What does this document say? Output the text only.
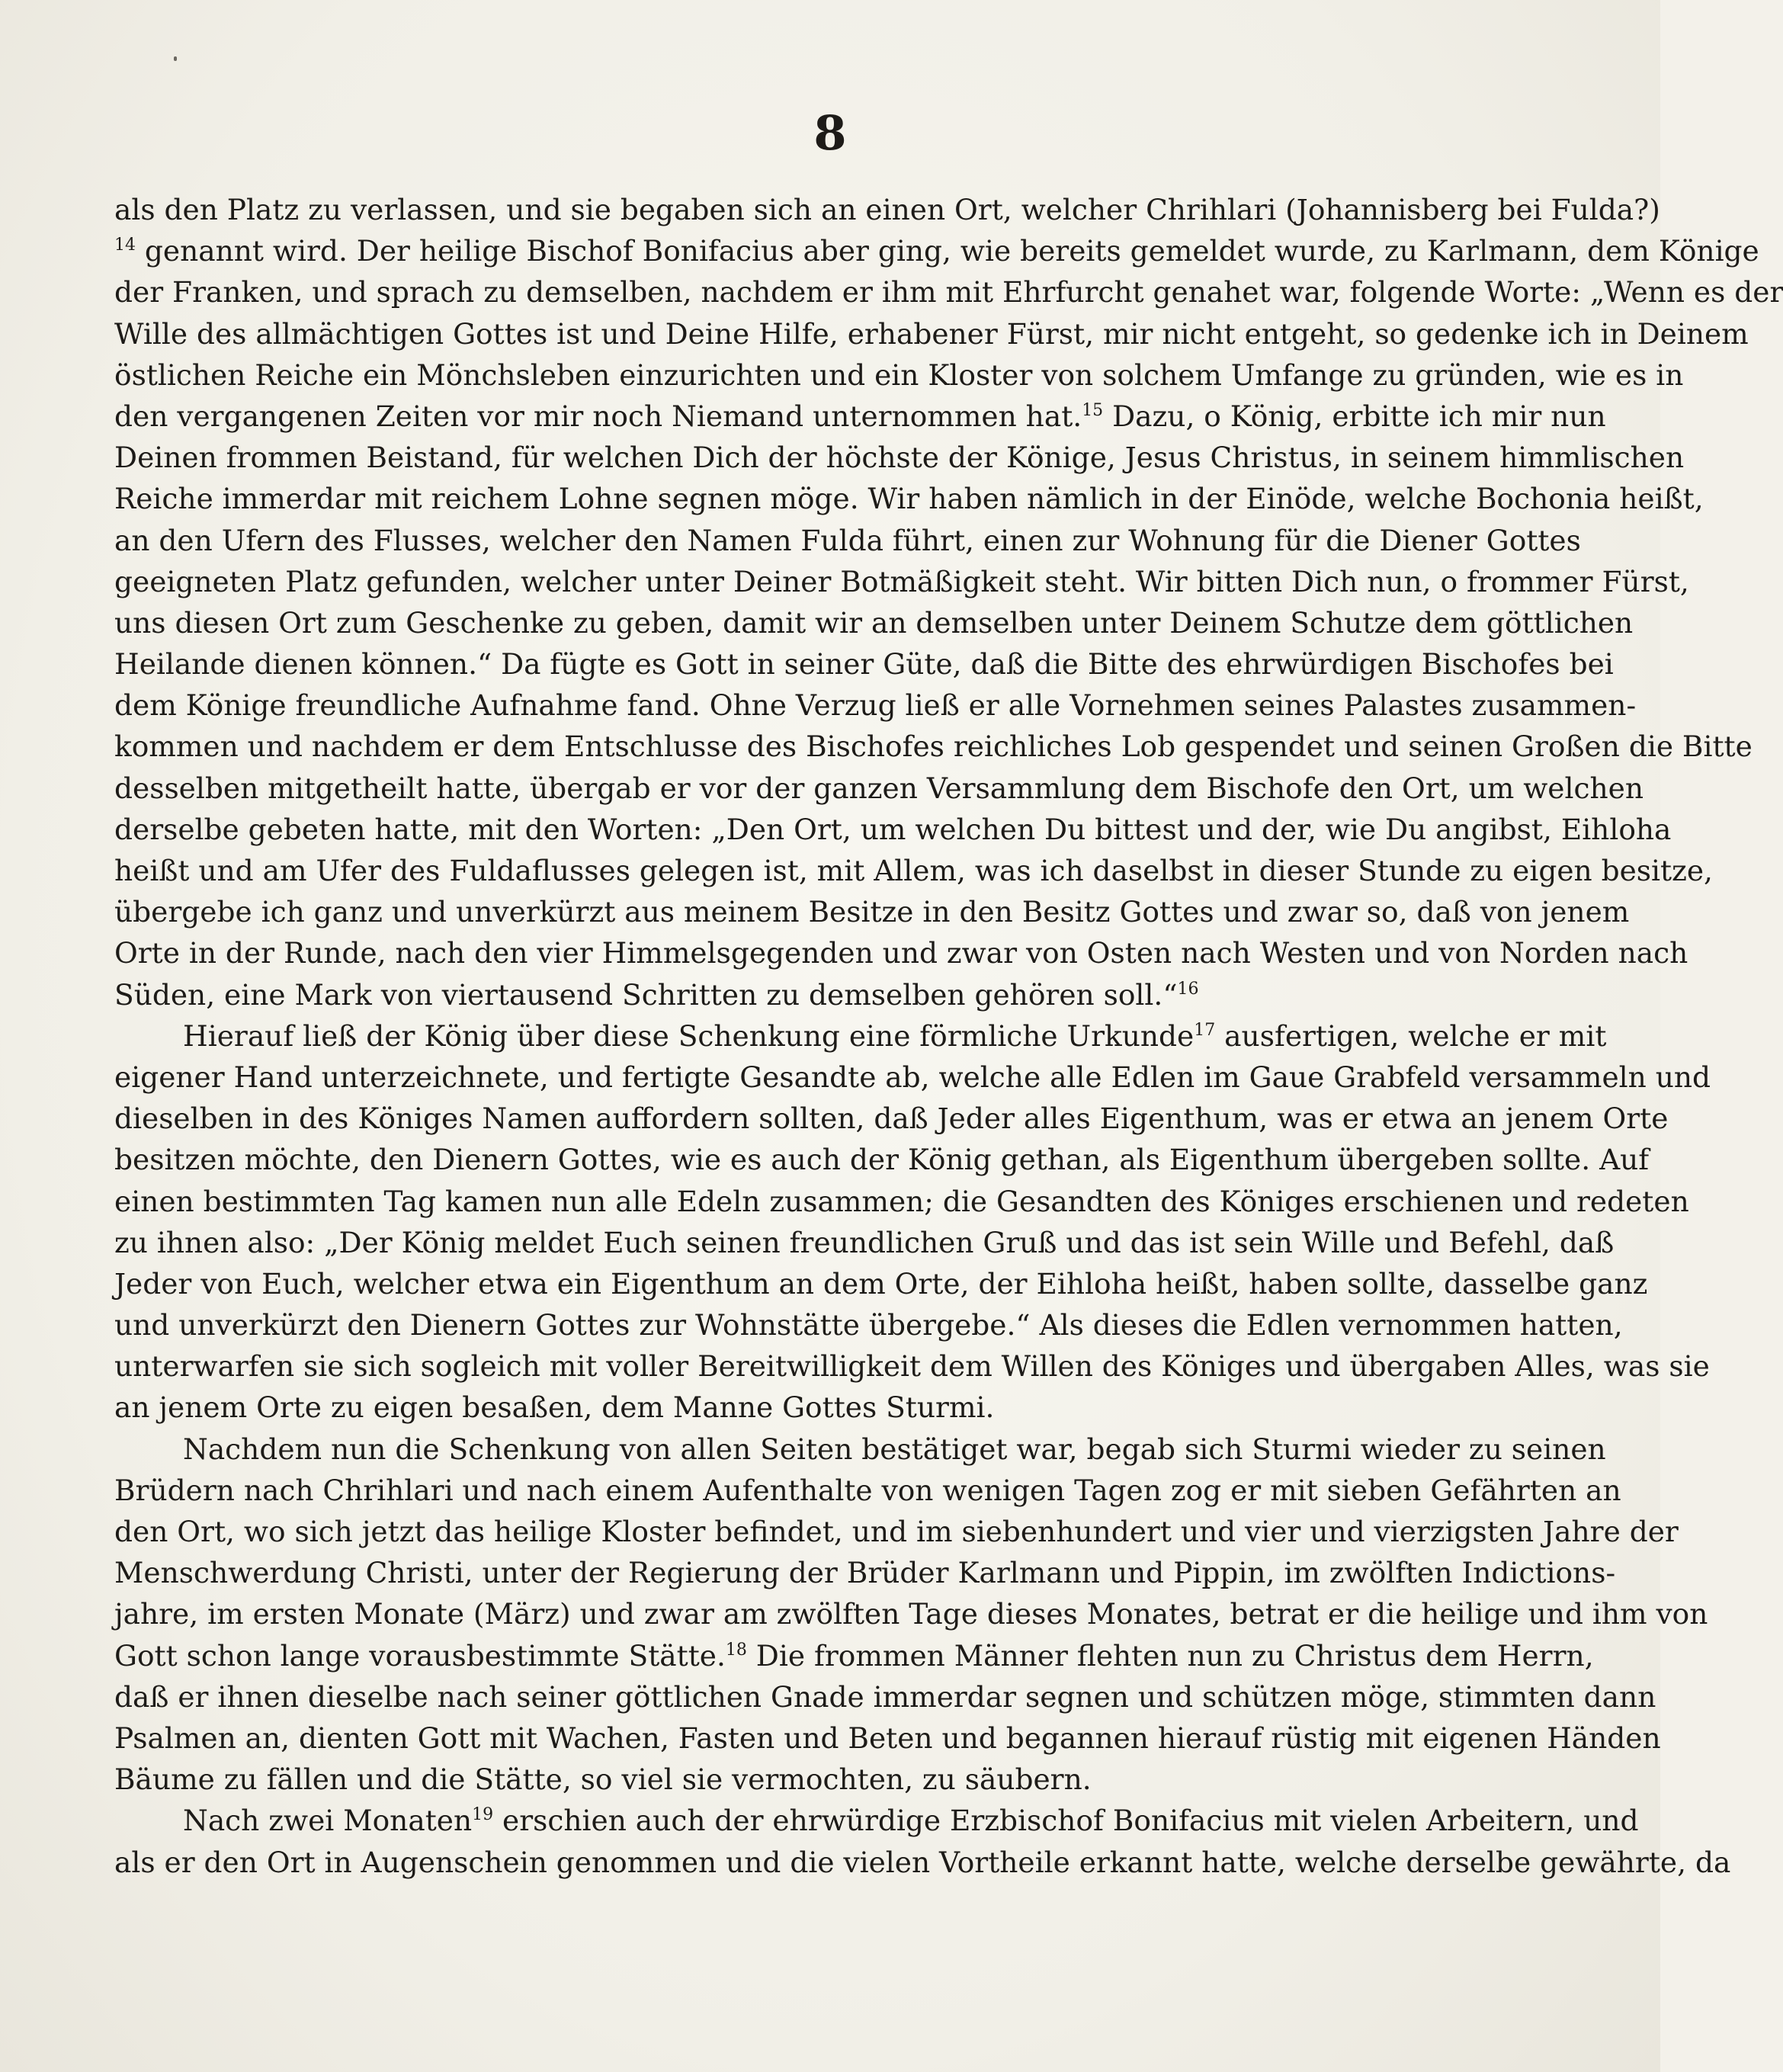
8
als den Platz zu verlassen, und sie begaben sich an einen Ort, welcher Chrihlari (Johannisberg bei Fulda?)
$^{14}$ genannt wird. Der heilige Bischof Bonifacius aber ging, wie bereits gemeldet wurde, zu Karlmann, dem Könige
der Franken, und sprach zu demselben, nachdem er ihm mit Ehrfurcht genahet war, folgende Worte: „Wenn es der
Wille des allmächtigen Gottes ist und Deine Hilfe, erhabener Fürst, mir nicht entgeht, so gedenke ich in Deinem
östlichen Reiche ein Mönchsleben einzurichten und ein Kloster von solchem Umfange zu gründen, wie es in
den vergangenen Zeiten vor mir noch Niemand unternommen hat.$^{15}$ Dazu, o König, erbitte ich mir nun
Deinen frommen Beistand, für welchen Dich der höchste der Könige, Jesus Christus, in seinem himmlischen
Reiche immerdar mit reichem Lohne segnen möge. Wir haben nämlich in der Einöde, welche Bochonia heißt,
an den Ufern des Flusses, welcher den Namen Fulda führt, einen zur Wohnung für die Diener Gottes
geeigneten Platz gefunden, welcher unter Deiner Botmäßigkeit steht. Wir bitten Dich nun, o frommer Fürst,
uns diesen Ort zum Geschenke zu geben, damit wir an demselben unter Deinem Schutze dem göttlichen
Heilande dienen können.“ Da fügte es Gott in seiner Güte, daß die Bitte des ehrwürdigen Bischofes bei
dem Könige freundliche Aufnahme fand. Ohne Verzug ließ er alle Vornehmen seines Palastes zusammen-
kommen und nachdem er dem Entschlusse des Bischofes reichliches Lob gespendet und seinen Großen die Bitte
desselben mitgetheilt hatte, übergab er vor der ganzen Versammlung dem Bischofe den Ort, um welchen
derselbe gebeten hatte, mit den Worten: „Den Ort, um welchen Du bittest und der, wie Du angibst, Eihloha
heißt und am Ufer des Fuldaflusses gelegen ist, mit Allem, was ich daselbst in dieser Stunde zu eigen besitze,
übergebe ich ganz und unverkürzt aus meinem Besitze in den Besitz Gottes und zwar so, daß von jenem
Orte in der Runde, nach den vier Himmelsgegenden und zwar von Osten nach Westen und von Norden nach
Süden, eine Mark von viertausend Schritten zu demselben gehören soll.“$^{16}$
Hierauf ließ der König über diese Schenkung eine förmliche Urkunde$^{17}$ ausfertigen, welche er mit
eigener Hand unterzeichnete, und fertigte Gesandte ab, welche alle Edlen im Gaue Grabfeld versammeln und
dieselben in des Königes Namen auffordern sollten, daß Jeder alles Eigenthum, was er etwa an jenem Orte
besitzen möchte, den Dienern Gottes, wie es auch der König gethan, als Eigenthum übergeben sollte. Auf
einen bestimmten Tag kamen nun alle Edeln zusammen; die Gesandten des Königes erschienen und redeten
zu ihnen also: „Der König meldet Euch seinen freundlichen Gruß und das ist sein Wille und Befehl, daß
Jeder von Euch, welcher etwa ein Eigenthum an dem Orte, der Eihloha heißt, haben sollte, dasselbe ganz
und unverkürzt den Dienern Gottes zur Wohnstätte übergebe.“ Als dieses die Edlen vernommen hatten,
unterwarfen sie sich sogleich mit voller Bereitwilligkeit dem Willen des Königes und übergaben Alles, was sie
an jenem Orte zu eigen besaßen, dem Manne Gottes Sturmi.
Nachdem nun die Schenkung von allen Seiten bestätiget war, begab sich Sturmi wieder zu seinen
Brüdern nach Chrihlari und nach einem Aufenthalte von wenigen Tagen zog er mit sieben Gefährten an
den Ort, wo sich jetzt das heilige Kloster befindet, und im siebenhundert und vier und vierzigsten Jahre der
Menschwerdung Christi, unter der Regierung der Brüder Karlmann und Pippin, im zwölften Indictions-
jahre, im ersten Monate (März) und zwar am zwölften Tage dieses Monates, betrat er die heilige und ihm von
Gott schon lange vorausbestimmte Stätte.$^{18}$ Die frommen Männer flehten nun zu Christus dem Herrn,
daß er ihnen dieselbe nach seiner göttlichen Gnade immerdar segnen und schützen möge, stimmten dann
Psalmen an, dienten Gott mit Wachen, Fasten und Beten und begannen hierauf rüstig mit eigenen Händen
Bäume zu fällen und die Stätte, so viel sie vermochten, zu säubern.
Nach zwei Monaten$^{19}$ erschien auch der ehrwürdige Erzbischof Bonifacius mit vielen Arbeitern, und
als er den Ort in Augenschein genommen und die vielen Vortheile erkannt hatte, welche derselbe gewährte, da
